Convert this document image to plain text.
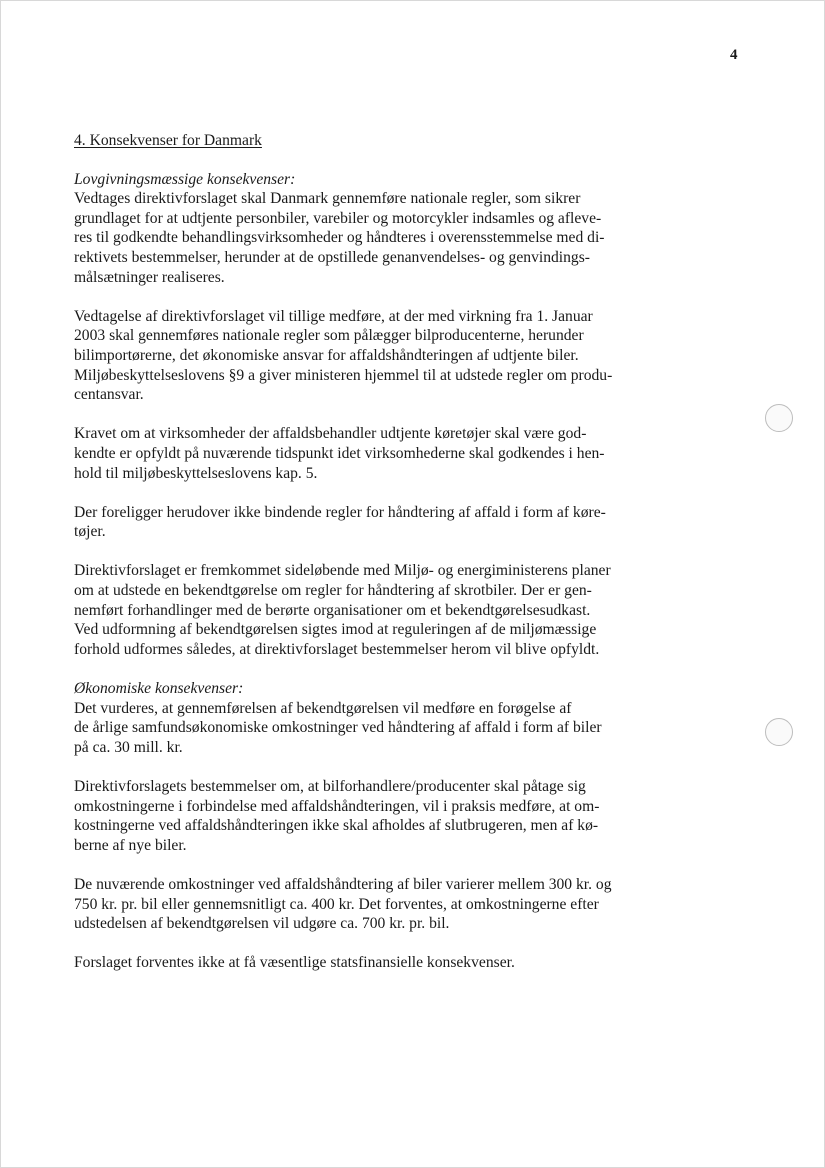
4
4. Konsekvenser for Danmark
Lovgivningsmæssige konsekvenser:

Vedtages direktivforslaget skal Danmark gennemføre nationale regler, som sikrer
grundlaget for at udtjente personbiler, varebiler og motorcykler indsamles og afleve-
res til godkendte behandlingsvirksomheder og håndteres i overensstemmelse med di-
rektivets bestemmelser, herunder at de opstillede genanvendelses- og genvindings-
målsætninger realiseres.

Vedtagelse af direktivforslaget vil tillige medføre, at der med virkning fra 1. Januar
2003 skal gennemføres nationale regler som pålægger bilproducenterne, herunder
bilimportørerne, det økonomiske ansvar for affaldshåndteringen af udtjente biler.
Miljøbeskyttelseslovens §9 a giver ministeren hjemmel til at udstede regler om produ-
centansvar.

Kravet om at virksomheder der affaldsbehandler udtjente køretøjer skal være god-
kendte er opfyldt på nuværende tidspunkt idet virksomhederne skal godkendes i hen-
hold til miljøbeskyttelseslovens kap. 5.

Der foreligger herudover ikke bindende regler for håndtering af affald i form af køre-
tøjer.

Direktivforslaget er fremkommet sideløbende med Miljø- og energiministerens planer
om at udstede en bekendtgørelse om regler for håndtering af skrotbiler. Der er gen-
nemført forhandlinger med de berørte organisationer om et bekendtgørelsesudkast.
Ved udformning af bekendtgørelsen sigtes imod at reguleringen af de miljømæssige
forhold udformes således, at direktivforslaget bestemmelser herom vil blive opfyldt.

Økonomiske konsekvenser:

Det vurderes, at gennemførelsen af bekendtgørelsen vil medføre en forøgelse af
de årlige samfundsøkonomiske omkostninger ved håndtering af affald i form af biler
på ca. 30 mill. kr.

Direktivforslagets bestemmelser om, at bilforhandlere/producenter skal påtage sig
omkostningerne i forbindelse med affaldshåndteringen, vil i praksis medføre, at om-
kostningerne ved affaldshåndteringen ikke skal afholdes af slutbrugeren, men af kø-
berne af nye biler.

De nuværende omkostninger ved affaldshåndtering af biler varierer mellem 300 kr. og
750 kr. pr. bil eller gennemsnitligt ca. 400 kr. Det forventes, at omkostningerne efter
udstedelsen af bekendtgørelsen vil udgøre ca. 700 kr. pr. bil.

Forslaget forventes ikke at få væsentlige statsfinansielle konsekvenser.
